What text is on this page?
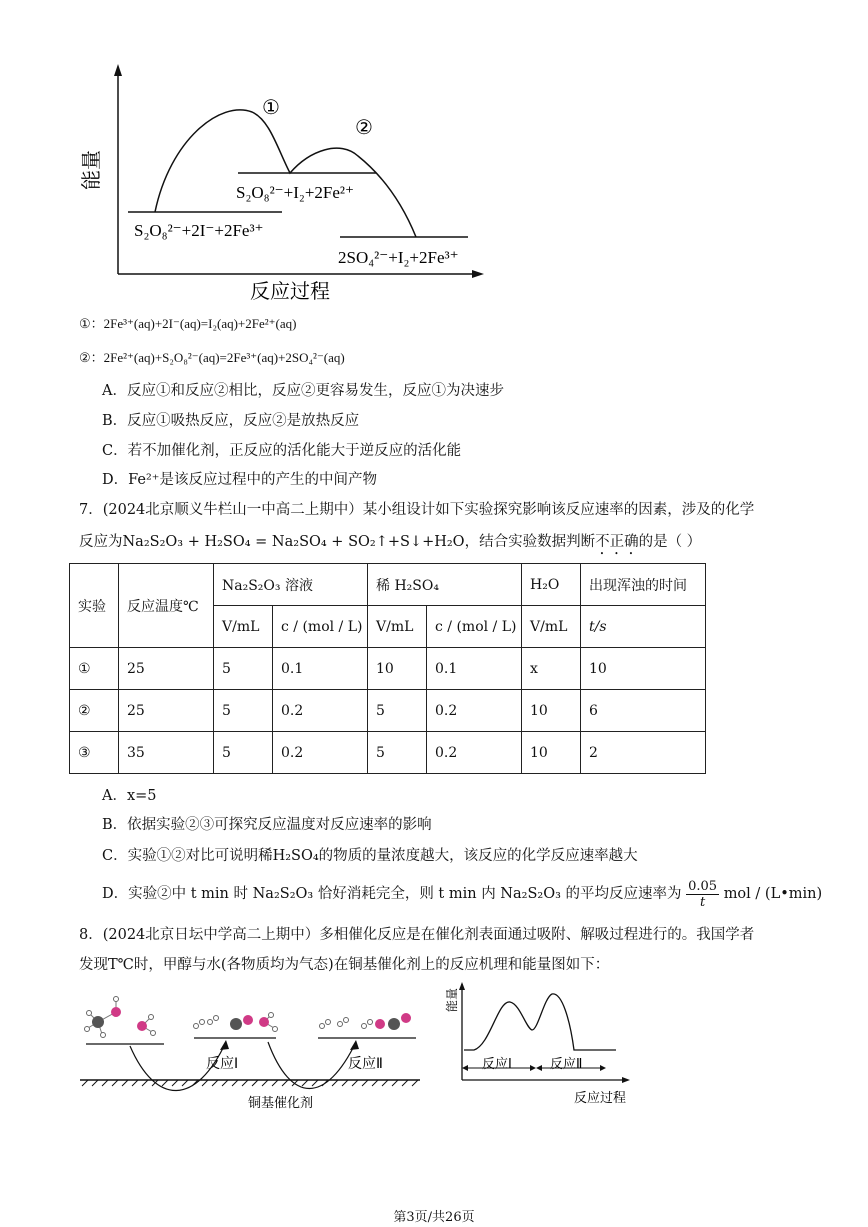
①
②
S₂O₈²⁻+I₂+2Fe²⁺
S₂O₈²⁻+2I⁻+2Fe³⁺
2SO₄²⁻+I₂+2Fe³⁺
能量
反应过程
①：2Fe³⁺(aq)+2I⁻(aq)=I₂(aq)+2Fe²⁺(aq)
②：2Fe²⁺(aq)+S₂O₈²⁻(aq)=2Fe³⁺(aq)+2SO₄²⁻(aq)
A．反应①和反应②相比，反应②更容易发生，反应①为决速步
B．反应①吸热反应，反应②是放热反应
C．若不加催化剂，正反应的活化能大于逆反应的活化能
D．Fe²⁺是该反应过程中的产生的中间产物
7．(2024北京顺义牛栏山一中高二上期中）某小组设计如下实验探究影响该反应速率的因素，涉及的化学
反应为Na₂S₂O₃ + H₂SO₄ = Na₂SO₄ + SO₂↑+S↓+H₂O，结合实验数据判断不正确的是（ ）
实验	反应温度℃	Na₂S₂O₃ 溶液		稀 H₂SO₄		H₂O	出现浑浊的时间
		V/mL	c / (mol / L)	V/mL	c / (mol / L)	V/mL	t/s
①	25	5	0.1	10	0.1	x	10
②	25	5	0.2	5	0.2	10	6
③	35	5	0.2	5	0.2	10	2
A．x=5
B．依据实验②③可探究反应温度对反应速率的影响
C．实验①②对比可说明稀H₂SO₄的物质的量浓度越大，该反应的化学反应速率越大
D．实验②中 t min 时 Na₂S₂O₃ 恰好消耗完全，则 t min 内 Na₂S₂O₃ 的平均反应速率为 $\frac{0.05}{t}$ mol / (L•min)
8．(2024北京日坛中学高二上期中）多相催化反应是在催化剂表面通过吸附、解吸过程进行的。我国学者
发现T℃时，甲醇与水(各物质均为气态)在铜基催化剂上的反应机理和能量图如下：
反应Ⅰ	反应Ⅱ
铜基催化剂
反应Ⅰ	反应Ⅱ
能量
反应过程
第3页/共26页
